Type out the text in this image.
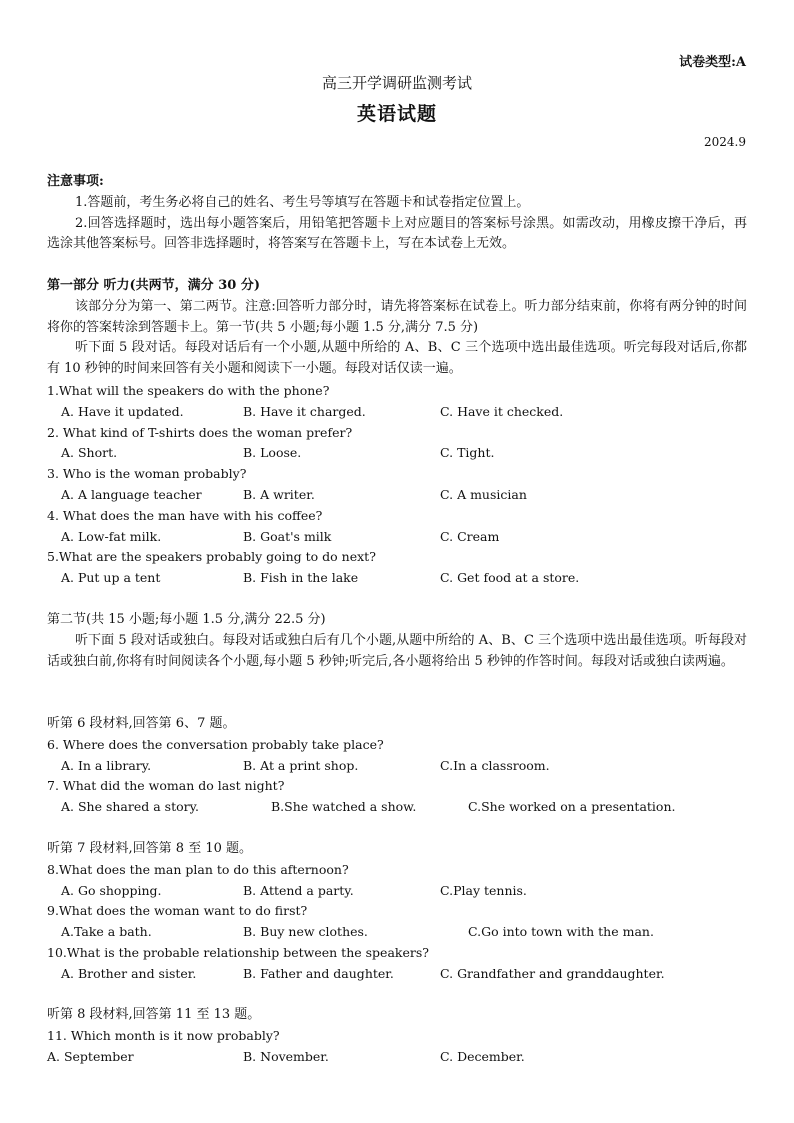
试卷类型:A
高三开学调研监测考试
英语试题
2024.9
注意事项:
1.答题前，考生务必将自己的姓名、考生号等填写在答题卡和试卷指定位置上。
2.回答选择题时，选出每小题答案后，用铅笔把答题卡上对应题目的答案标号涂黑。如需改动，用橡皮擦干净后，再选涂其他答案标号。回答非选择题时，将答案写在答题卡上，写在本试卷上无效。
第一部分 听力(共两节，满分 30 分)
该部分分为第一、第二两节。注意:回答听力部分时，请先将答案标在试卷上。听力部分结束前，你将有两分钟的时间将你的答案转涂到答题卡上。第一节(共 5 小题;每小题 1.5 分,满分 7.5 分)
听下面 5 段对话。每段对话后有一个小题,从题中所给的 A、B、C 三个选项中选出最佳选项。听完每段对话后,你都有 10 秒钟的时间来回答有关小题和阅读下一小题。每段对话仅读一遍。
1.What will the speakers do with the phone?
A. Have it updated.	B. Have it charged.	C. Have it checked.
2. What kind of T-shirts does the woman prefer?
A. Short.	B. Loose.	C. Tight.
3. Who is the woman probably?
A. A language teacher	B. A writer.	C. A musician
4. What does the man have with his coffee?
A. Low-fat milk.	B. Goat's milk	C. Cream
5.What are the speakers probably going to do next?
A. Put up a tent	B. Fish in the lake	C. Get food at a store.
第二节(共 15 小题;每小题 1.5 分,满分 22.5 分)
听下面 5 段对话或独白。每段对话或独白后有几个小题,从题中所给的 A、B、C 三个选项中选出最佳选项。听每段对话或独白前,你将有时间阅读各个小题,每小题 5 秒钟;听完后,各小题将给出 5 秒钟的作答时间。每段对话或独白读两遍。
听第 6 段材料,回答第 6、7 题。
6. Where does the conversation probably take place?
A. In a library.	B. At a print shop.	C.In a classroom.
7. What did the woman do last night?
A. She shared a story.	B.She watched a show.	C.She worked on a presentation.
听第 7 段材料,回答第 8 至 10 题。
8.What does the man plan to do this afternoon?
A. Go shopping.	B. Attend a party.	C.Play tennis.
9.What does the woman want to do first?
A.Take a bath.	B. Buy new clothes.	C.Go into town with the man.
10.What is the probable relationship between the speakers?
A. Brother and sister.	B. Father and daughter.	C. Grandfather and granddaughter.
听第 8 段材料,回答第 11 至 13 题。
11. Which month is it now probably?
A. September	B. November.	C. December.
